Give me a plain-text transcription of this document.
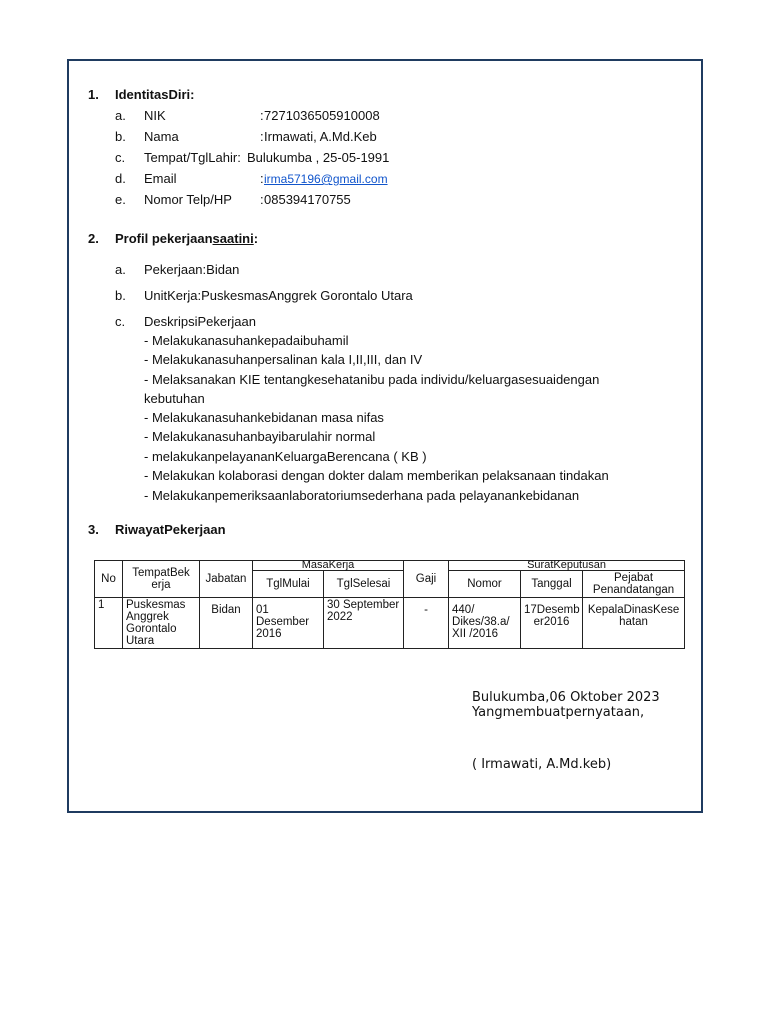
1. IdentitasDiri:
a. NIK	: 7271036505910008
b. Nama	: Irmawati, A.Md.Keb
c. Tempat/TglLahir: Bulukumba , 25-05-1991
d. Email	: irma57196@gmail.com
e. Nomor Telp/HP : 085394170755
2. Profil pekerjaansaatini:
a. Pekerjaan:Bidan
b. UnitKerja:PuskesmasAnggrek Gorontalo Utara
c. DeskripsiPekerjaan
- Melakukanasuhankepadaibuhamil
- Melakukanasuhanpersalinan kala I,II,III, dan IV
- Melaksanakan KIE tentangkesehatanibu pada individu/keluargasesuaidengan
kebutuhan
- Melakukanasuhankebidanan masa nifas
- Melakukanasuhanbayibarulahir normal
- melakukanpelayananKeluargaBerencana ( KB )
- Melakukan kolaborasi dengan dokter dalam memberikan pelaksanaan tindakan
- Melakukanpemeriksaanlaboratoriumsederhana pada pelayanankebidanan
3. RiwayatPekerjaan
No	TempatBek erja	Jabatan	MasaKerja		Gaji	SuratKeputusan		
			TglMulai	TglSelesai		Nomor	Tanggal	Pejabat Penandatangan
1	Puskesmas Anggrek Gorontalo Utara	Bidan	01 Desember 2016	30 September 2022	-	440/ Dikes/38.a/ XII /2016	17Desemb er2016	KepalaDinasKese hatan
Bulukumba,06 Oktober 2023
Yangmembuatpernyataan,
( Irmawati, A.Md.keb)
